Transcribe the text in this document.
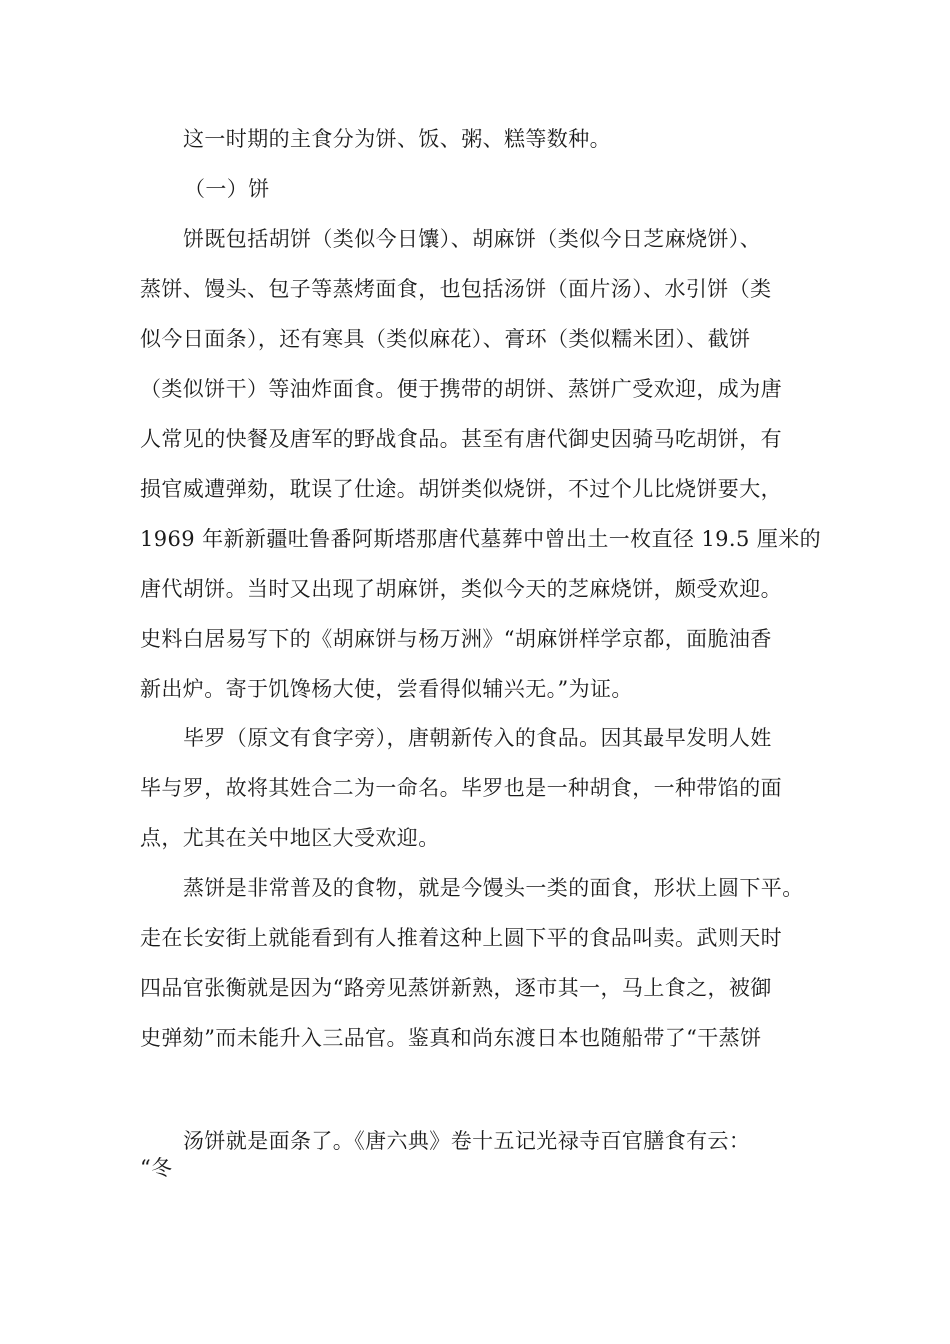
这一时期的主食分为饼、饭、粥、糕等数种。
（一）饼
饼既包括胡饼（类似今日馕）、胡麻饼（类似今日芝麻烧饼）、
蒸饼、馒头、包子等蒸烤面食，也包括汤饼（面片汤）、水引饼（类
似今日面条），还有寒具（类似麻花）、膏环（类似糯米团）、截饼
（类似饼干）等油炸面食。便于携带的胡饼、蒸饼广受欢迎，成为唐
人常见的快餐及唐军的野战食品。甚至有唐代御史因骑马吃胡饼，有
损官威遭弹劾，耽误了仕途。胡饼类似烧饼，不过个儿比烧饼要大，
1969 年新新疆吐鲁番阿斯塔那唐代墓葬中曾出土一枚直径 19.5 厘米的
唐代胡饼。当时又出现了胡麻饼，类似今天的芝麻烧饼，颇受欢迎。
史料白居易写下的《胡麻饼与杨万洲》“胡麻饼样学京都，面脆油香
新出炉。寄于饥馋杨大使，尝看得似辅兴无。”为证。
毕罗（原文有食字旁），唐朝新传入的食品。因其最早发明人姓
毕与罗，故将其姓合二为一命名。毕罗也是一种胡食，一种带馅的面
点，尤其在关中地区大受欢迎。
蒸饼是非常普及的食物，就是今馒头一类的面食，形状上圆下平。
走在长安街上就能看到有人推着这种上圆下平的食品叫卖。武则天时
四品官张衡就是因为“路旁见蒸饼新熟，逐市其一，马上食之，被御
史弹劾”而未能升入三品官。鉴真和尚东渡日本也随船带了“干蒸饼
汤饼就是面条了。《唐六典》卷十五记光禄寺百官膳食有云：
“冬
